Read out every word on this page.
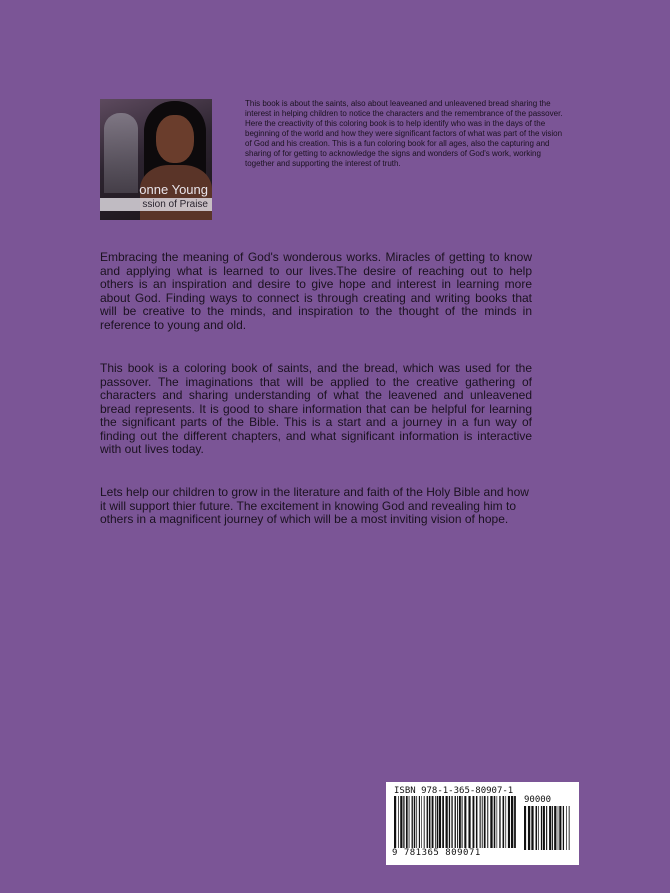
onne Young
ssion of Praise
This book is about the saints, also about leaveaned and unleavened bread sharing the interest in helping children to notice the characters and the remembrance of the passover. Here the creactivity of this coloring book is to help identify who was in the days of the beginning of the world and how they were significant factors of what was part of the vision of God and his creation. This is a fun coloring book for all ages, also the capturing and sharing of for getting to acknowledge the signs and wonders of God's work, working together and supporting the interest of truth.
Embracing the meaning of God's wonderous works. Miracles of getting to know and applying what is learned to our lives.The desire of reaching out to help others is an inspiration and desire to give hope and interest in learning more about God. Finding ways to connect is through creating and writing books that will be creative to the minds, and inspiration to the thought of the minds in reference to young and old.
This book is a coloring book of saints, and the bread, which was used for the passover. The imaginations that will be applied to the creative gathering of characters and sharing understanding of what the leavened and unleavened bread represents. It is good to share information that can be helpful for learning the significant parts of the Bible. This is a start and a journey in a fun way of finding out the different chapters, and what significant information is interactive with out lives today.
Lets help our children to grow in the literature and faith of the Holy Bible and how it will support thier future. The excitement in knowing God and revealing him to others in a magnificent journey of which will be a most inviting vision of hope.
ISBN 978-1-365-80907-1
90000
9 781365 809071
